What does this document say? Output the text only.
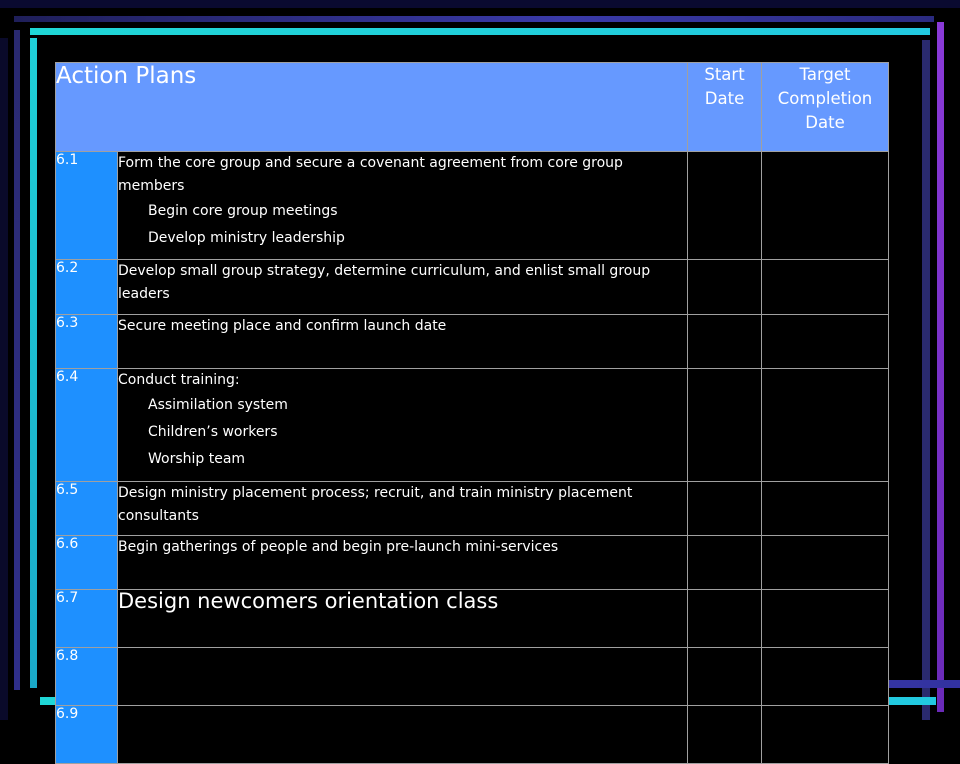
Action Plans		Start Date	Target Completion Date
6.1	Form the core group and secure a covenant agreement from core group members
Begin core group meetings
Develop ministry leadership		

6.2	Develop small group strategy, determine curriculum, and enlist small group leaders		
6.3	Secure meeting place and confirm launch date		
6.4	Conduct training:
Assimilation system
Children’s workers
Worship team		

6.5	Design ministry placement process; recruit, and train ministry placement consultants		
6.6	Begin gatherings of people and begin pre-launch mini-services		
6.7	Design newcomers orientation class		
6.8			
6.9			
